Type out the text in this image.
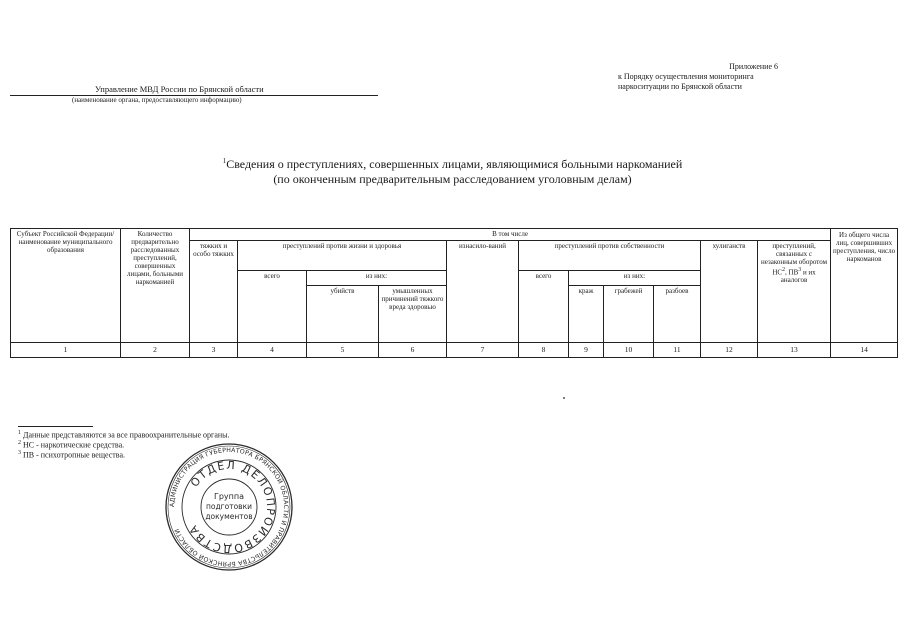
Управление МВД России по Брянской области
(наименование органа, предоставляющего информацию)
Приложение 6
к Порядку осуществления мониторинга
наркоситуации по Брянской области
$^1$Сведения о преступлениях, совершенных лицами, являющимися больными наркоманией
(по оконченным предварительным расследованием уголовным делам)
Субъект Российской Федерации/ наименование муниципального образования	Количество предварительно расследованных преступлений, совершенных лицами, больными наркоманией	В том числе											Из общего числа лиц, совершивших преступления, число наркоманов
		тяжких и особо тяжких	преступлений против жизни и здоровья			изнасило-ваний	преступлений против собственности				хулиганств	преступлений, связанных с незаконным оборотом $НС^2$, $ПВ^3$ и их аналогов	
			всего	из них:			всего	из них:					
				убийств	умышленных причинений тяжкого вреда здоровью			краж	грабежей	разбоев			
1	2	3	4	5	6	7	8	9	10	11	12	13	14
$^1$ Данные представляются за все правоохранительные органы.
$^2$ НС - наркотические средства.
$^3$ ПВ - психотропные вещества.
АДМИНИСТРАЦИЯ ГУБЕРНАТОРА БРЯНСКОЙ ОБЛАСТИ И ПРАВИТЕЛЬСТВА БРЯНСКОЙ ОБЛАСТИ
ОТДЕЛ ДЕЛОПРОИЗВОДСТВА
Группа
подготовки
документов
